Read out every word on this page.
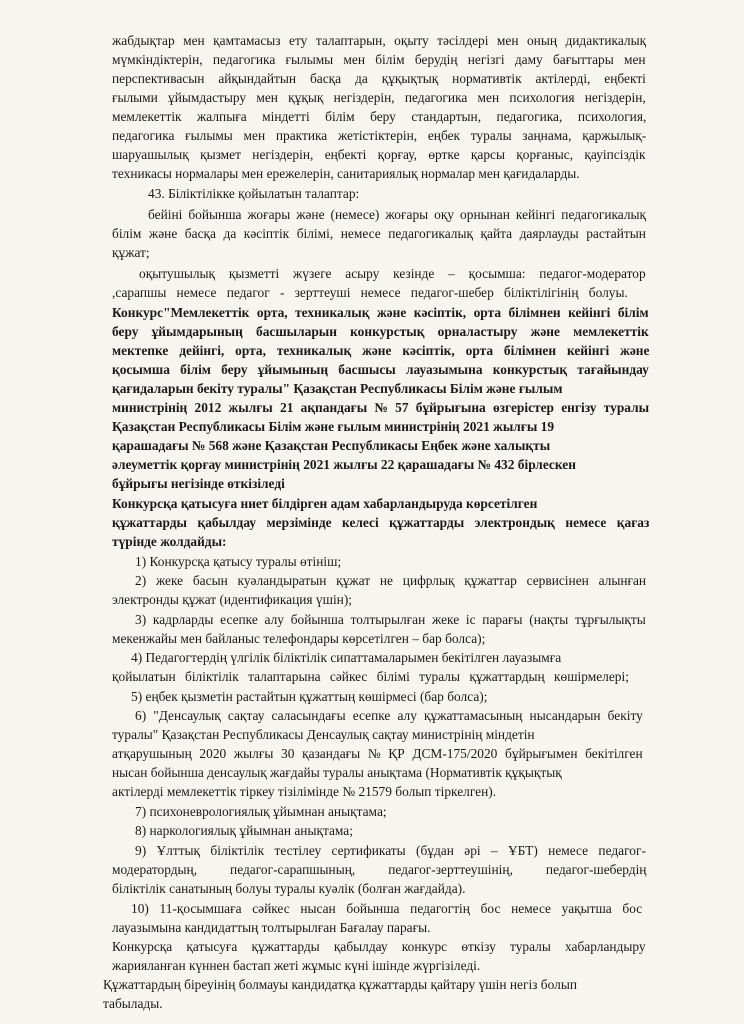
жабдықтар мен қамтамасыз ету талаптарын, оқыту тәсілдері мен оның дидактикалық
мүмкіндіктерін, педагогика ғылымы мен білім берудің негізгі даму бағыттары мен
перспективасын айқындайтын басқа да құқықтық нормативтік актілерді, еңбекті
ғылыми ұйымдастыру мен құқық негіздерін, педагогика мен психология негіздерін,
мемлекеттік жалпыға міндетті білім беру стандартын, педагогика, психология,
педагогика ғылымы мен практика жетістіктерін, еңбек туралы заңнама, қаржылық-
шаруашылық қызмет негіздерін, еңбекті қорғау, өртке қарсы қорғаныс, қауіпсіздік
техникасы нормалары мен ережелерін, санитариялық нормалар мен қағидаларды.
43. Біліктілікке қойылатын талаптар:
бейіні бойынша жоғары және (немесе) жоғары оқу орнынан кейінгі педагогикалық
білім және басқа да кәсіптік білімі, немесе педагогикалық қайта даярлауды растайтын
құжат;
оқытушылық қызметті жүзеге асыру кезінде – қосымша: педагог-модератор
,сарапшы немесе педагог - зерттеуші немесе педагог-шебер біліктілігінің болуы.
Конкурс"Мемлекеттік орта, техникалық және кәсіптік, орта білімнен кейінгі білім
беру ұйымдарының басшыларын конкурстық орналастыру және мемлекеттік
мектепке дейінгі, орта, техникалық және кәсіптік, орта білімнен кейінгі және
қосымша білім беру ұйымының басшысы лауазымына конкурстық тағайындау
қағидаларын бекіту туралы" Қазақстан Республикасы Білім және ғылым
министрінің 2012 жылғы 21 ақпандағы № 57 бұйрығына өзгерістер енгізу туралы
Қазақстан Республикасы Білім және ғылым министрінің 2021 жылғы 19
қарашадағы № 568 және Қазақстан Республикасы Еңбек және халықты
әлеуметтік қорғау министрінің 2021 жылғы 22 қарашадағы № 432 бірлескен
бұйрығы негізінде өткізіледі
Конкурсқа қатысуға ниет білдірген адам хабарландыруда көрсетілген
құжаттарды қабылдау мерзімінде келесі құжаттарды электрондық немесе қағаз
түрінде жолдайды:
1) Конкурсқа қатысу туралы өтініш;
2) жеке басын куәландыратын құжат не цифрлық құжаттар сервисінен алынған
электронды құжат (идентификация үшін);
3) кадрларды есепке алу бойынша толтырылған жеке іс парағы (нақты тұрғылықты
мекенжайы мен байланыс телефондары көрсетілген – бар болса);
4) Педагогтердің үлгілік біліктілік сипаттамаларымен бекітілген лауазымға
қойылатын біліктілік талаптарына сәйкес білімі туралы құжаттардың көшірмелері;
5) еңбек қызметін растайтын құжаттың көшірмесі (бар болса);
6) "Денсаулық сақтау саласындағы есепке алу құжаттамасының нысандарын бекіту
туралы" Қазақстан Республикасы Денсаулық сақтау министрінің міндетін
атқарушының 2020 жылғы 30 қазандағы № ҚР ДСМ-175/2020 бұйрығымен бекітілген
нысан бойынша денсаулық жағдайы туралы анықтама (Нормативтік құқықтық
актілерді мемлекеттік тіркеу тізілімінде № 21579 болып тіркелген).
7) психоневрологиялық ұйымнан анықтама;
8) наркологиялық ұйымнан анықтама;
9) Ұлттық біліктілік тестілеу сертификаты (бұдан әрі – ҰБТ) немесе педагог-
модератордың, педагог-сарапшының, педагог-зерттеушінің, педагог-шебердің
біліктілік санатының болуы туралы куәлік (болған жағдайда).
10) 11-қосымшаға сәйкес нысан бойынша педагогтің бос немесе уақытша бос
лауазымына кандидаттың толтырылған Бағалау парағы.
Конкурсқа қатысуға құжаттарды қабылдау конкурс өткізу туралы хабарландыру
жарияланған күннен бастап жеті жұмыс күні ішінде жүргізіледі.
Құжаттардың біреуінің болмауы кандидатқа құжаттарды қайтару үшін негіз болып
табылады.
